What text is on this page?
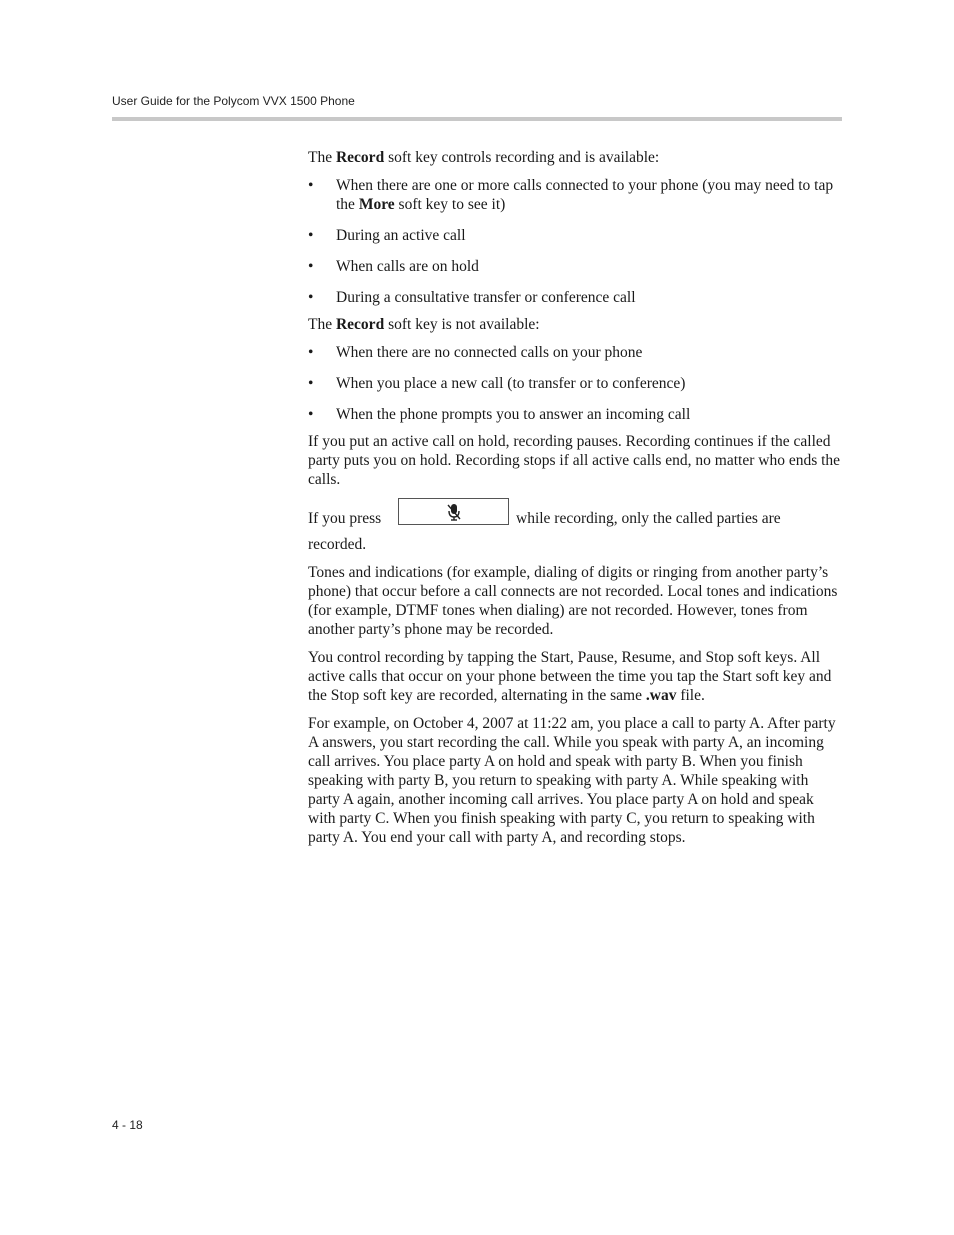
User Guide for the Polycom VVX 1500 Phone

The Record soft key controls recording and is available:

• When there are one or more calls connected to your phone (you may need to tap the More soft key to see it)
• During an active call
• When calls are on hold
• During a consultative transfer or conference call

The Record soft key is not available:

• When there are no connected calls on your phone
• When you place a new call (to transfer or to conference)
• When the phone prompts you to answer an incoming call

If you put an active call on hold, recording pauses. Recording continues if the called party puts you on hold. Recording stops if all active calls end, no matter who ends the calls.

If you press	while recording, only the called parties are

recorded.

Tones and indications (for example, dialing of digits or ringing from another party’s phone) that occur before a call connects are not recorded. Local tones and indications (for example, DTMF tones when dialing) are not recorded. However, tones from another party’s phone may be recorded.

You control recording by tapping the Start, Pause, Resume, and Stop soft keys. All active calls that occur on your phone between the time you tap the Start soft key and the Stop soft key are recorded, alternating in the same .wav file.

For example, on October 4, 2007 at 11:22 am, you place a call to party A. After party A answers, you start recording the call. While you speak with party A, an incoming call arrives. You place party A on hold and speak with party B. When you finish speaking with party B, you return to speaking with party A. While speaking with party A again, another incoming call arrives. You place party A on hold and speak with party C. When you finish speaking with party C, you return to speaking with party A. You end your call with party A, and recording stops.

4 - 18
